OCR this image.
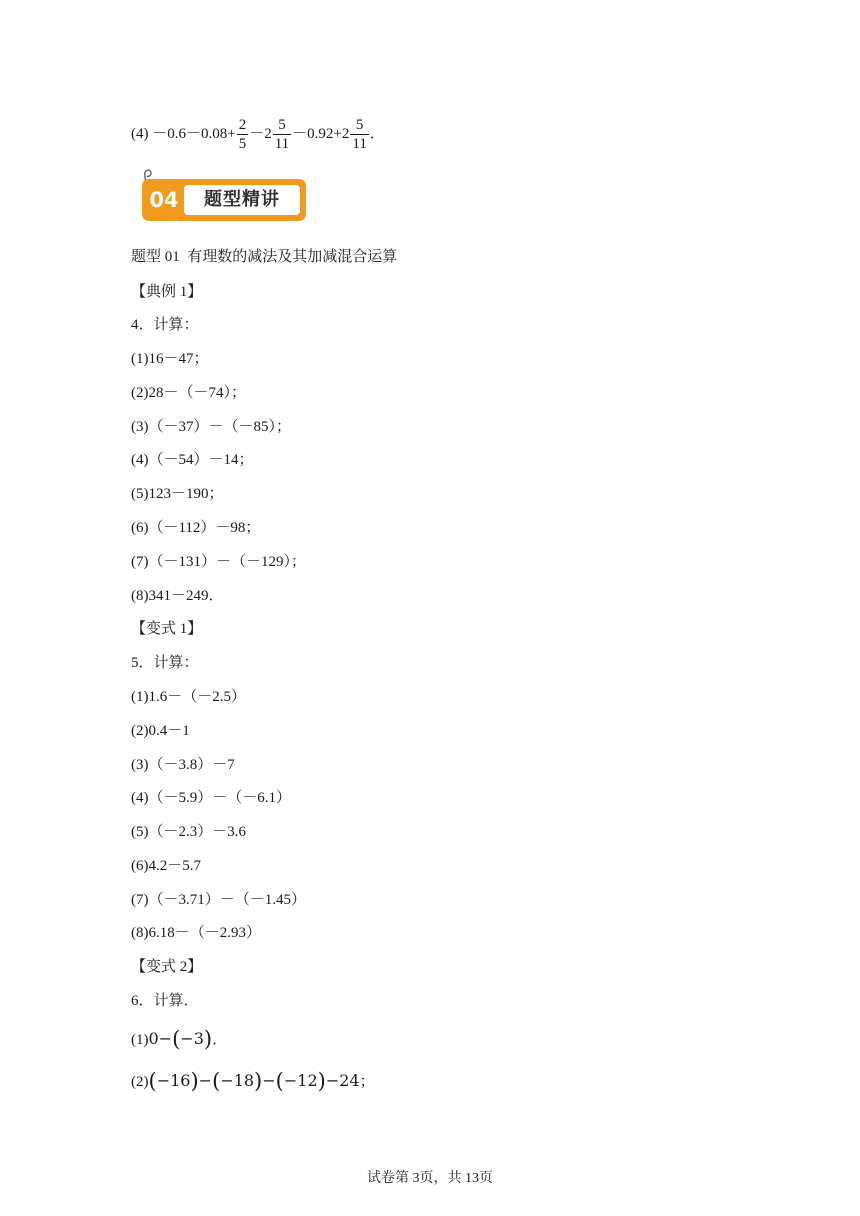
$(4) -0.6-0.08+ \frac{2}{5} -2 \frac{5}{11} -0.92+2 \frac{5}{11}$ ．
04	题型精讲
题型 01  有理数的减法及其加减混合运算
【典例 1】
4．计算：
(1)16－47；
(2)28－（－74）；
(3)（－37）－（－85）；
(4)（－54）－14；
(5)123－190；
(6)（－112）－98；
(7)（－131）－（－129）；
(8)341－249．
【变式 1】
5．计算：
(1)1.6－（－2.5）
(2)0.4－1
(3)（－3.8）－7
(4)（－5.9）－（－6.1）
(5)（－2.3）－3.6
(6)4.2－5.7
(7)（－3.71）－（－1.45）
(8)6.18－（－2.93）
【变式 2】
6．计算．
(1)0−(−3)．
(2)(−16)−(−18)−(−12)−24；
试卷第 3页，共 13页
